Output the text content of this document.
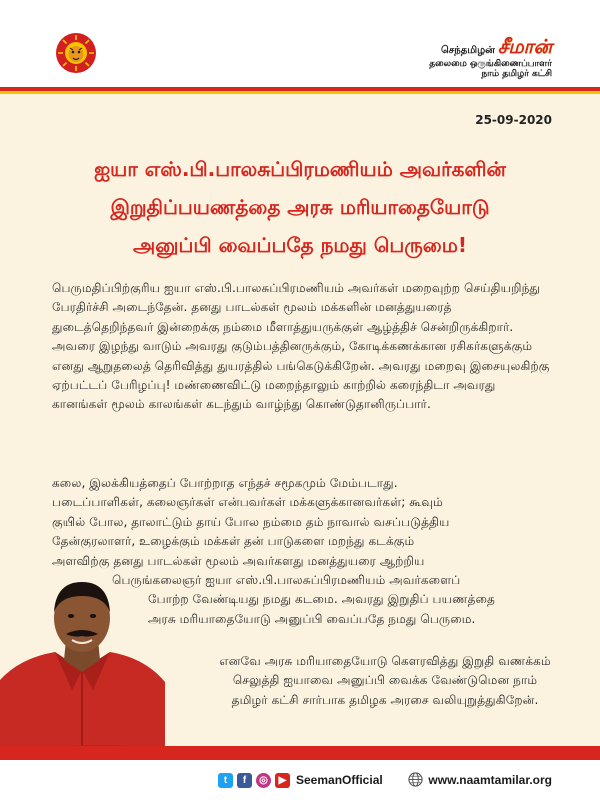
செந்தமிழன் சீமான்
தலைமை ஒருங்கிணைப்பாளர்
நாம் தமிழர் கட்சி
25-09-2020
ஐயா எஸ்.பி.பாலசுப்பிரமணியம் அவர்களின்
இறுதிப்பயணத்தை அரசு மரியாதையோடு
அனுப்பி வைப்பதே நமது பெருமை!
பெருமதிப்பிற்குரிய ஐயா எஸ்.பி.பாலசுப்பிரமணியம் அவர்கள் மறைவுற்ற செய்தியறிந்து பேரதிர்ச்சி அடைந்தேன். தனது பாடல்கள் மூலம் மக்களின் மனத்துயரைத் துடைத்தெறிந்தவர் இன்றைக்கு நம்மை மீளாத்துயருக்குள் ஆழ்த்திச் சென்றிருக்கிறார். அவரை இழந்து வாடும் அவரது குடும்பத்தினருக்கும், கோடிக்கணக்கான ரசிகர்களுக்கும் எனது ஆறுதலைத் தெரிவித்து துயரத்தில் பங்கெடுக்கிறேன். அவரது மறைவு இசையுலகிற்கு ஏற்பட்டப் பேரிழப்பு! மண்ணைவிட்டு மறைந்தாலும் காற்றில் கரைந்திடா அவரது கானங்கள் மூலம் காலங்கள் கடந்தும் வாழ்ந்து கொண்டுதானிருப்பார்.
கலை, இலக்கியத்தைப் போற்றாத எந்தச் சமூகமும் மேம்படாது.
படைப்பாளிகள், கலைஞர்கள் என்பவர்கள் மக்களுக்கானவர்கள்; கூவும்
குயில் போல, தாலாட்டும் தாய் போல நம்மை தம் நாவால் வசப்படுத்திய
தேன்குரலாளர், உழைக்கும் மக்கள் தன் பாடுகளை மறந்து கடக்கும்
அளவிற்கு தனது பாடல்கள் மூலம் அவர்களது மனத்துயரை ஆற்றிய
பெருங்கலைஞர் ஐயா எஸ்.பி.பாலசுப்பிரமணியம் அவர்களைப்
போற்ற வேண்டியது நமது கடமை. அவரது இறுதிப் பயணத்தை
அரசு மரியாதையோடு அனுப்பி வைப்பதே நமது பெருமை.
எனவே அரசு மரியாதையோடு கௌரவித்து இறுதி வணக்கம் செலுத்தி ஐயாவை அனுப்பி வைக்க வேண்டுமென நாம் தமிழர் கட்சி சார்பாக தமிழக அரசை வலியுறுத்துகிறேன்.
t	f	◎	▶ SeemanOfficial	www.naamtamilar.org
